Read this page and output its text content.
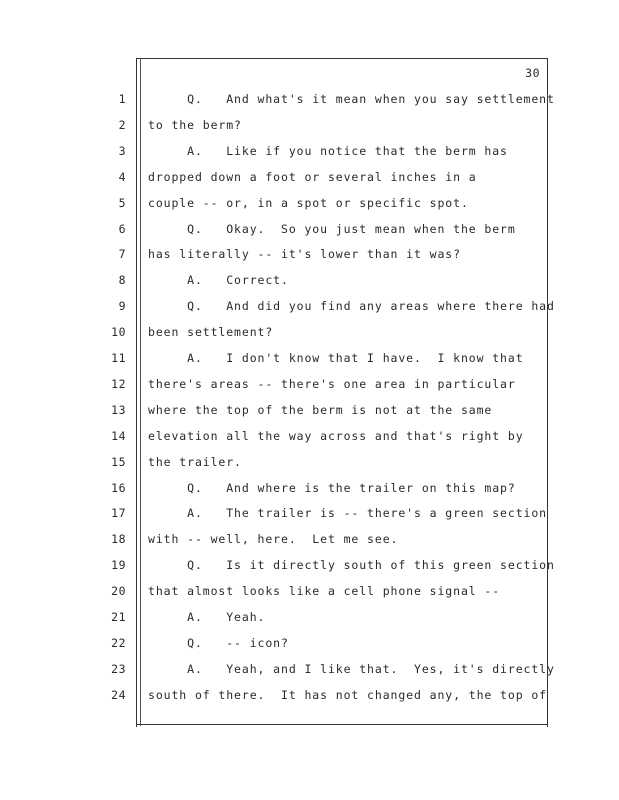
30
1 Q.   And what's it mean when you say settlement
2 to the berm?
3 A.   Like if you notice that the berm has
4 dropped down a foot or several inches in a
5 couple -- or, in a spot or specific spot.
6 Q.   Okay.  So you just mean when the berm
7 has literally -- it's lower than it was?
8 A.   Correct.
9 Q.   And did you find any areas where there had
10 been settlement?
11 A.   I don't know that I have.  I know that
12 there's areas -- there's one area in particular
13 where the top of the berm is not at the same
14 elevation all the way across and that's right by
15 the trailer.
16 Q.   And where is the trailer on this map?
17 A.   The trailer is -- there's a green section
18 with -- well, here.  Let me see.
19 Q.   Is it directly south of this green section
20 that almost looks like a cell phone signal --
21 A.   Yeah.
22 Q.   -- icon?
23 A.   Yeah, and I like that.  Yes, it's directly
24 south of there.  It has not changed any, the top of
